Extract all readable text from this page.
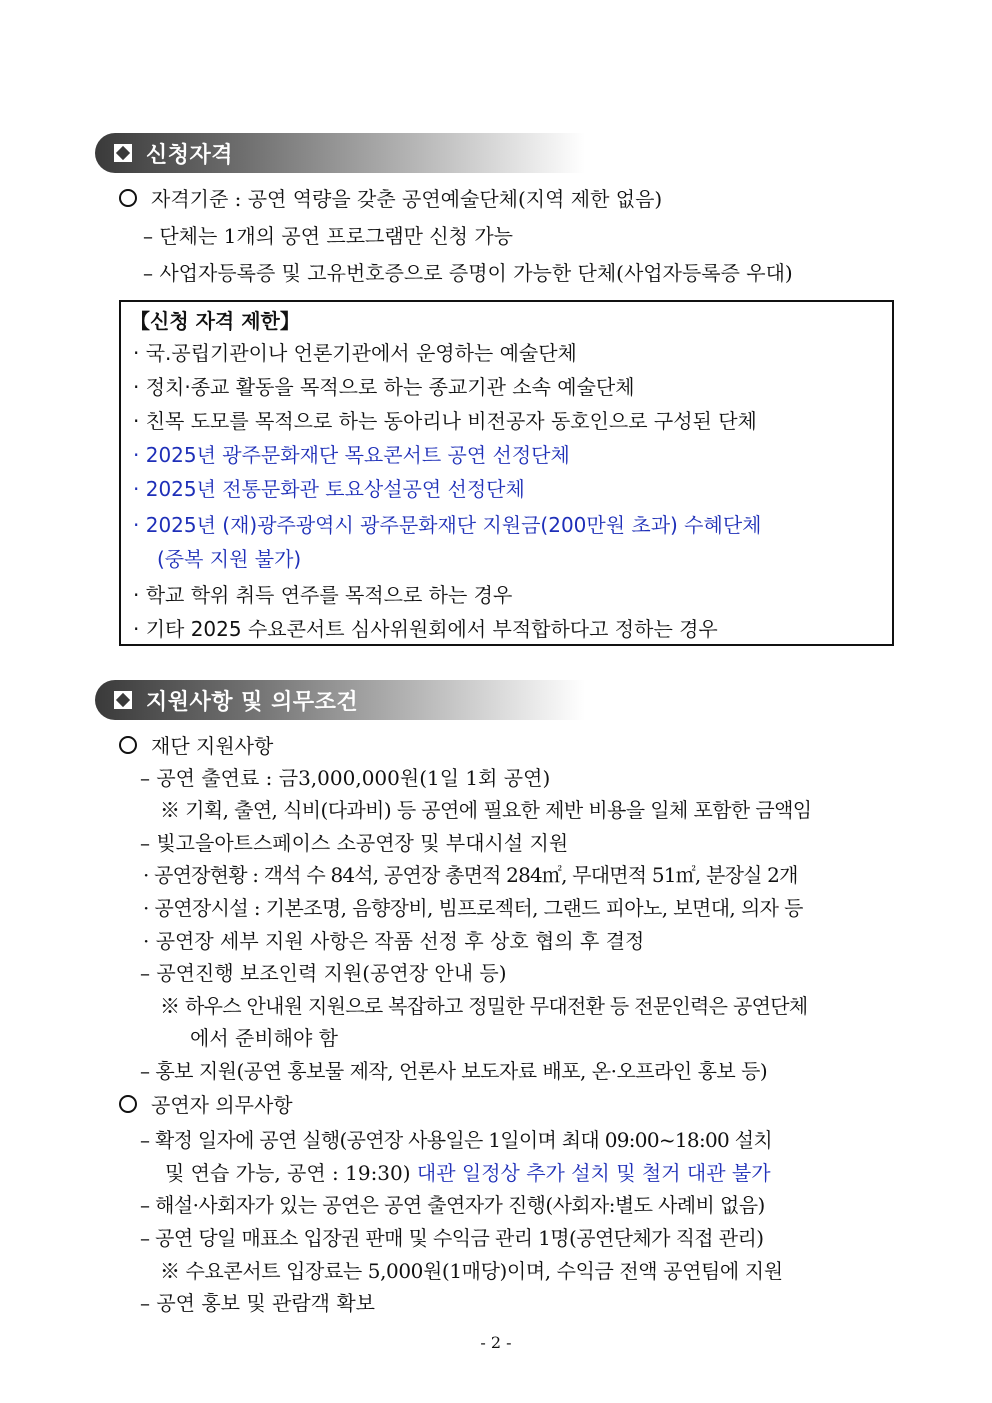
신청자격
자격기준 : 공연 역량을 갖춘 공연예술단체(지역 제한 없음)
– 단체는 1개의 공연 프로그램만 신청 가능
– 사업자등록증 및 고유번호증으로 증명이 가능한 단체(사업자등록증 우대)
【신청 자격 제한】
· 국.공립기관이나 언론기관에서 운영하는 예술단체
· 정치·종교 활동을 목적으로 하는 종교기관 소속 예술단체
· 친목 도모를 목적으로 하는 동아리나 비전공자 동호인으로 구성된 단체
· 2025년 광주문화재단 목요콘서트 공연 선정단체
· 2025년 전통문화관 토요상설공연 선정단체
· 2025년 (재)광주광역시 광주문화재단 지원금(200만원 초과) 수혜단체
(중복 지원 불가)
· 학교 학위 취득 연주를 목적으로 하는 경우
· 기타 2025 수요콘서트 심사위원회에서 부적합하다고 정하는 경우
지원사항 및 의무조건
재단 지원사항
– 공연 출연료 : 금3,000,000원(1일 1회 공연)
※ 기획, 출연, 식비(다과비) 등 공연에 필요한 제반 비용을 일체 포함한 금액임
– 빛고을아트스페이스 소공연장 및 부대시설 지원
· 공연장현황 : 객석 수 84석, 공연장 총면적 284㎡, 무대면적 51㎡, 분장실 2개
· 공연장시설 : 기본조명, 음향장비, 빔프로젝터, 그랜드 피아노, 보면대, 의자 등
· 공연장 세부 지원 사항은 작품 선정 후 상호 협의 후 결정
– 공연진행 보조인력 지원(공연장 안내 등)
※ 하우스 안내원 지원으로 복잡하고 정밀한 무대전환 등 전문인력은 공연단체
에서 준비해야 함
– 홍보 지원(공연 홍보물 제작, 언론사 보도자료 배포, 온·오프라인 홍보 등)
공연자 의무사항
– 확정 일자에 공연 실행(공연장 사용일은 1일이며 최대 09:00~18:00 설치
및 연습 가능, 공연 : 19:30) 대관 일정상 추가 설치 및 철거 대관 불가
– 해설·사회자가 있는 공연은 공연 출연자가 진행(사회자:별도 사례비 없음)
– 공연 당일 매표소 입장권 판매 및 수익금 관리 1명(공연단체가 직접 관리)
※ 수요콘서트 입장료는 5,000원(1매당)이며, 수익금 전액 공연팀에 지원
– 공연 홍보 및 관람객 확보
- 2 -
